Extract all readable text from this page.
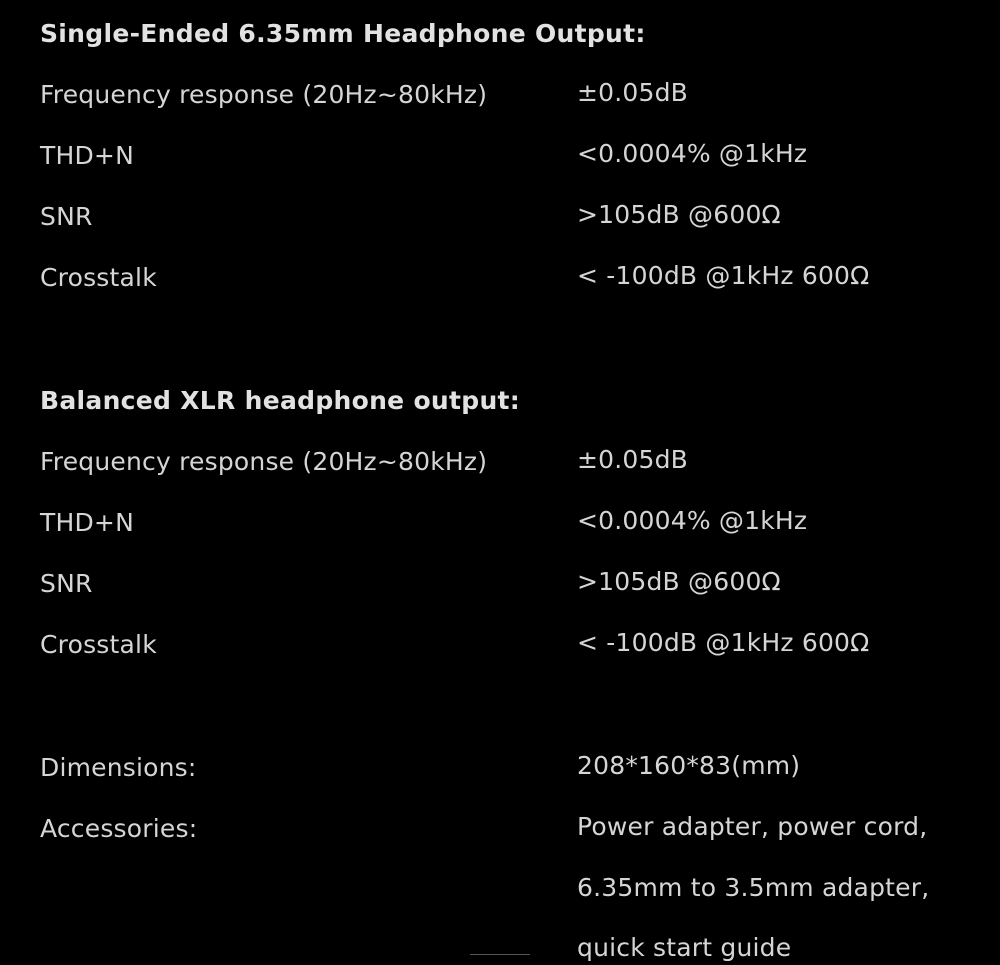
Single-Ended 6.35mm Headphone Output:
Frequency response (20Hz~80kHz)	±0.05dB
THD+N	<0.0004% @1kHz
SNR	>105dB @600Ω
Crosstalk	< -100dB @1kHz 600Ω
Balanced XLR headphone output:
Frequency response (20Hz~80kHz)	±0.05dB
THD+N	<0.0004% @1kHz
SNR	>105dB @600Ω
Crosstalk	< -100dB @1kHz 600Ω
Dimensions:	208*160*83(mm)
Accessories:	Power adapter, power cord,
6.35mm to 3.5mm adapter,
quick start guide
